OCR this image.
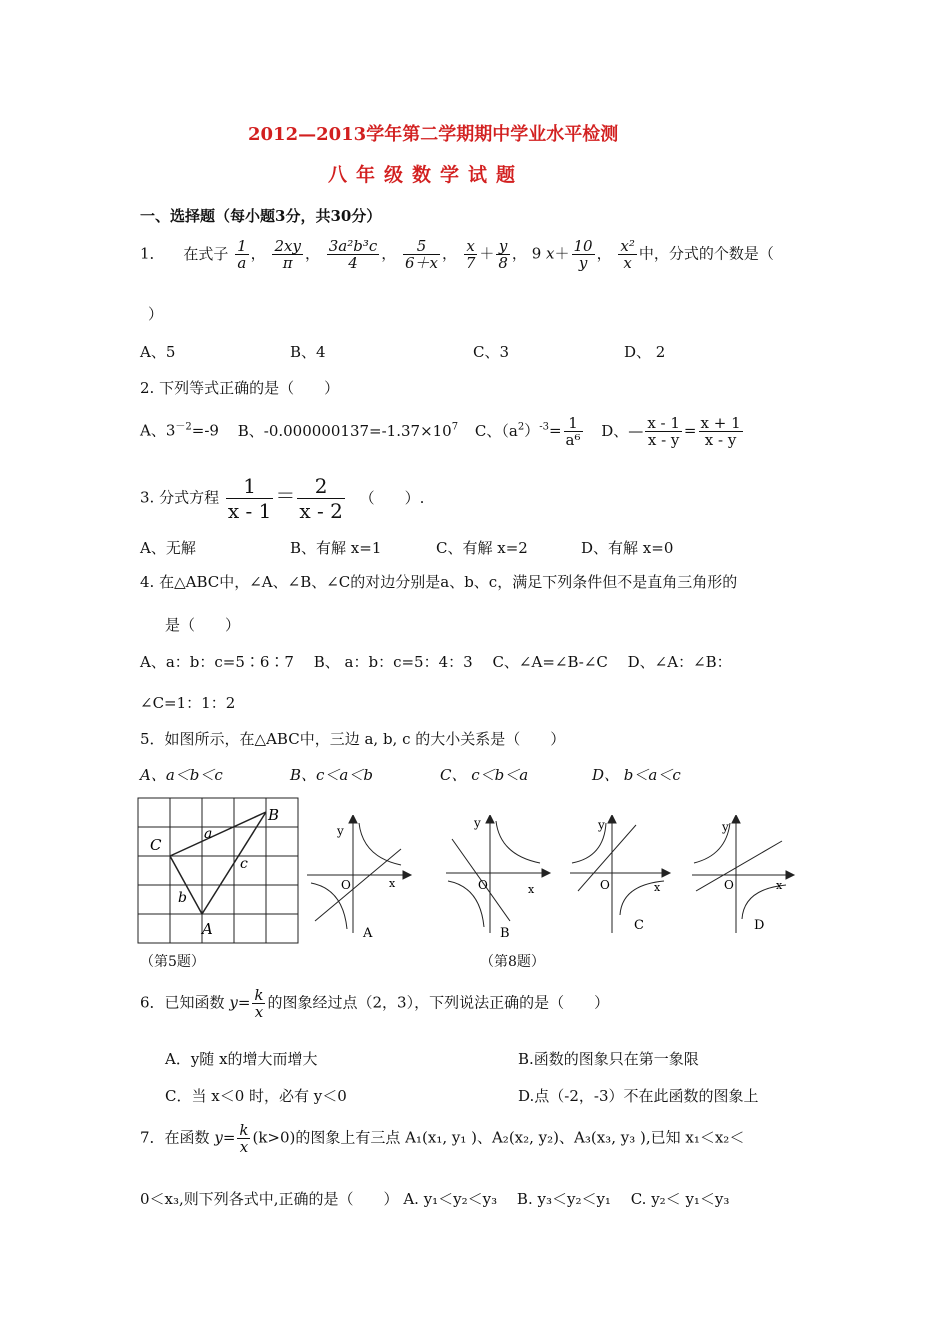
2012—2013学年第二学期期中学业水平检测
八年级数学试题
一、选择题（每小题3分，共30分）
1． 在式子 $\frac{1}{a}$ ， $\frac{2xy}{\pi}$ ， $\frac{\text{3a²b³c}}{4}$ ， $\frac{5}{6+x}$ ， $\frac{x}{7} + \frac{y}{8}$ ， 9 $x+ \frac{10}{y}$ ， $\frac{\text{x²}}{x}$ 中，分式的个数是（
）
A、5	B、4	C、3	D、 2
2. 下列等式正确的是（　　）
A、$3^{-2}=-9$ B、$-0.000000137=-1.37\times 10^7$ C、$(a^2)^{-3}= \frac{1}{\text{a⁶}}$ D、— $\frac{x - 1}{x - y} = \frac{x + 1}{x - y}$
3. 分式方程 $\frac{1}{x - 1} = \frac{2}{x - 2}$ （　　）.
A、无解	B、有解 x=1	C、有解 x=2	D、有解 x=0
4. 在△ABC中，∠A、∠B、∠C的对边分别是a、b、c，满足下列条件但不是直角三角形的
是（　　）
A、a：b：c=5∶6∶7　 B、 a：b：c=5：4：3　 C、∠A=∠B-∠C　 D、∠A：∠B：
∠C=1：1：2
5．如图所示，在△ABC中，三边 a, b, c 的大小关系是（　　）
A、a＜b＜c	B、c＜a＜b	C、 c＜b＜a	D、 b＜a＜c
C
B
A
a
b
c
y
O	x
A
y
O	x
B
y
O	x
C
y
O	x
D
（第5题）	（第8题）
6．已知函数 $y= \frac{k}{x}$ 的图象经过点（2，3），下列说法正确的是（　　）
A．y随 x的增大而增大	B.函数的图象只在第一象限
C．当 x＜0 时，必有 y＜0	D.点（-2，-3）不在此函数的图象上
7．在函数 $y= \frac{k}{x} (k>0)$的图象上有三点 A₁(x₁, y₁ )、A₂(x₂, y₂)、A₃(x₃, y₃ ),已知 x₁＜x₂＜
0＜x₃,则下列各式中,正确的是（　　） A. y₁＜y₂＜y₃　 B. y₃＜y₂＜y₁　 C. y₂＜ y₁＜y₃
